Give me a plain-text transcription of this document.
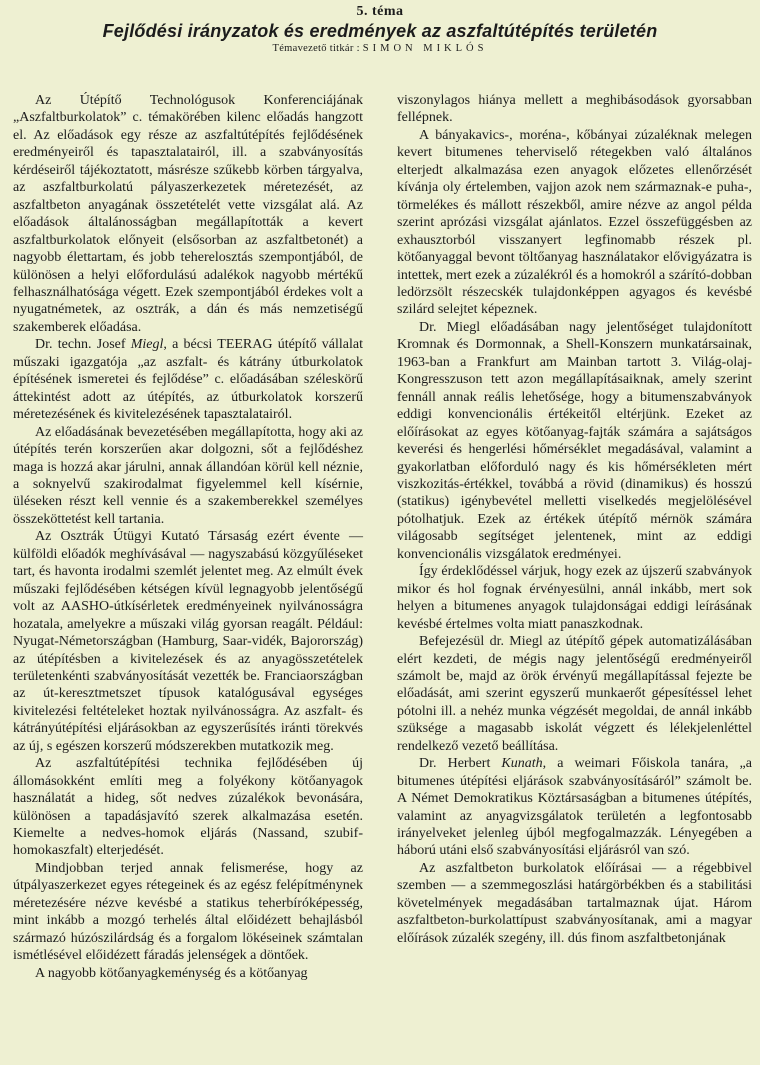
5. téma
Fejlődési irányzatok és eredmények az aszfaltútépítés területén
Témavezető titkár : SIMON MIKLÓS

Az Útépítő Technológusok Konferenciájának „Aszfaltburkolatok” c. témakörében kilenc előadás hangzott el. Az előadások egy része az aszfaltútépítés fejlődésének eredményeiről és tapasztalatairól, ill. a szabványosítás kérdéseiről tájékoztatott, másrésze szűkebb körben tárgyalva, az aszfaltburkolatú pályaszerkezetek méretezését, az aszfaltbeton anyagának összetételét vette vizsgálat alá. Az előadások általánosságban megállapították a kevert aszfaltburkolatok előnyeit (elsősorban az aszfaltbetonét) a nagyobb élettartam, és jobb teherelosztás szempontjából, de különösen a helyi előfordulású adalékok nagyobb mértékű felhasználhatósága végett. Ezek szempontjából érdekes volt a nyugatnémetek, az osztrák, a dán és más nemzetiségű szakemberek előadása.

Dr. techn. Josef Miegl, a bécsi TEERAG útépítő vállalat műszaki igazgatója „az aszfalt- és kátrány útburkolatok építésének ismeretei és fejlődése” c. előadásában széleskörű áttekintést adott az útépítés, az útburkolatok korszerű méretezésének és kivitelezésének tapasztalatairól.

Az előadásának bevezetésében megállapította, hogy aki az útépítés terén korszerűen akar dolgozni, sőt a fejlődéshez maga is hozzá akar járulni, annak állandóan körül kell néznie, a soknyelvű szakirodalmat figyelemmel kell kísérnie, üléseken részt kell vennie és a szakemberekkel személyes összeköttetést kell tartania.

Az Osztrák Útügyi Kutató Társaság ezért évente — külföldi előadók meghívásával — nagyszabású közgyűléseket tart, és havonta irodalmi szemlét jelentet meg. Az elmúlt évek műszaki fejlődésében kétségen kívül legnagyobb jelentőségű volt az AASHO-útkísérletek eredményeinek nyilvánosságra hozatala, amelyekre a műszaki világ gyorsan reagált. Például: Nyugat-Németországban (Hamburg, Saar-vidék, Bajorország) az útépítésben a kivitelezések és az anyagösszetételek területenkénti szabványosítását vezették be. Franciaországban az út-keresztmetszet típusok katalógusával egységes kivitelezési feltételeket hoztak nyilvánosságra. Az aszfalt- és kátrányútépítési eljárásokban az egyszerűsítés iránti törekvés az új, s egészen korszerű módszerekben mutatkozik meg.

Az aszfaltútépítési technika fejlődésében új állomásokként említi meg a folyékony kötőanyagok használatát a hideg, sőt nedves zúzalékok bevonására, különösen a tapadásjavító szerek alkalmazása esetén. Kiemelte a nedves-homok eljárás (Nassand, szubif-homokaszfalt) elterjedését.

Mindjobban terjed annak felismerése, hogy az útpályaszerkezet egyes rétegeinek és az egész felépítménynek méretezésére nézve kevésbé a statikus teherbíróképesség, mint inkább a mozgó terhelés által előidézett behajlásból származó húzószilárdság és a forgalom lökéseinek számtalan ismétlésével előidézett fáradás jelenségek a döntőek.

A nagyobb kötőanyagkeménység és a kötőanyag

viszonylagos hiánya mellett a meghibásodások gyorsabban fellépnek.

A bányakavics-, moréna-, kőbányai zúzaléknak melegen kevert bitumenes teherviselő rétegekben való általános elterjedt alkalmazása ezen anyagok előzetes ellenőrzését kívánja oly értelemben, vajjon azok nem származnak-e puha-, törmelékes és mállott részekből, amire nézve az angol példa szerint aprózási vizsgálat ajánlatos. Ezzel összefüggésben az exhausztorból visszanyert legfinomabb részek pl. kötőanyaggal bevont töltőanyag használatakor elővigyázatra is intettek, mert ezek a zúzalékról és a homokról a szárító-dobban ledörzsölt részecskék tulajdonképpen agyagos és kevésbé szilárd selejtet képeznek.

Dr. Miegl előadásában nagy jelentőséget tulajdonított Kromnak és Dormonnak, a Shell-Konszern munkatársainak, 1963-ban a Frankfurt am Mainban tartott 3. Világ-olaj-Kongresszuson tett azon megállapításaiknak, amely szerint fennáll annak reális lehetősége, hogy a bitumenszabványok eddigi konvencionális értékeitől eltérjünk. Ezeket az előírásokat az egyes kötőanyag-fajták számára a sajátságos keverési és hengerlési hőmérséklet megadásával, valamint a gyakorlatban előforduló nagy és kis hőmérsékleten mért viszkozitás-értékkel, továbbá a rövid (dinamikus) és hosszú (statikus) igénybevétel melletti viselkedés megjelölésével pótolhatjuk. Ezek az értékek útépítő mérnök számára világosabb segítséget jelentenek, mint az eddigi konvencionális vizsgálatok eredményei.

Így érdeklődéssel várjuk, hogy ezek az újszerű szabványok mikor és hol fognak érvényesülni, annál inkább, mert sok helyen a bitumenes anyagok tulajdonságai eddigi leírásának kevésbé értelmes volta miatt panaszkodnak.

Befejezésül dr. Miegl az útépítő gépek automatizálásában elért kezdeti, de mégis nagy jelentőségű eredményeiről számolt be, majd az örök érvényű megállapítással fejezte be előadását, ami szerint egyszerű munkaerőt gépesítéssel lehet pótolni ill. a nehéz munka végzését megoldai, de annál inkább szüksége a magasabb iskolát végzett és lélekjelenléttel rendelkező vezető beállítása.

Dr. Herbert Kunath, a weimari Főiskola tanára, „a bitumenes útépítési eljárások szabványosításáról” számolt be. A Német Demokratikus Köztársaságban a bitumenes útépítés, valamint az anyagvizsgálatok területén a legfontosabb irányelveket jelenleg újból megfogalmazzák. Lényegében a háború utáni első szabványosítási eljárásról van szó.

Az aszfaltbeton burkolatok előírásai — a régebbivel szemben — a szemmegoszlási határgörbékben és a stabilitási követelmények megadásában tartalmaznak újat. Három aszfaltbeton-burkolattípust szabványosítanak, ami a magyar előírások zúzalék szegény, ill. dús finom aszfaltbetonjának
